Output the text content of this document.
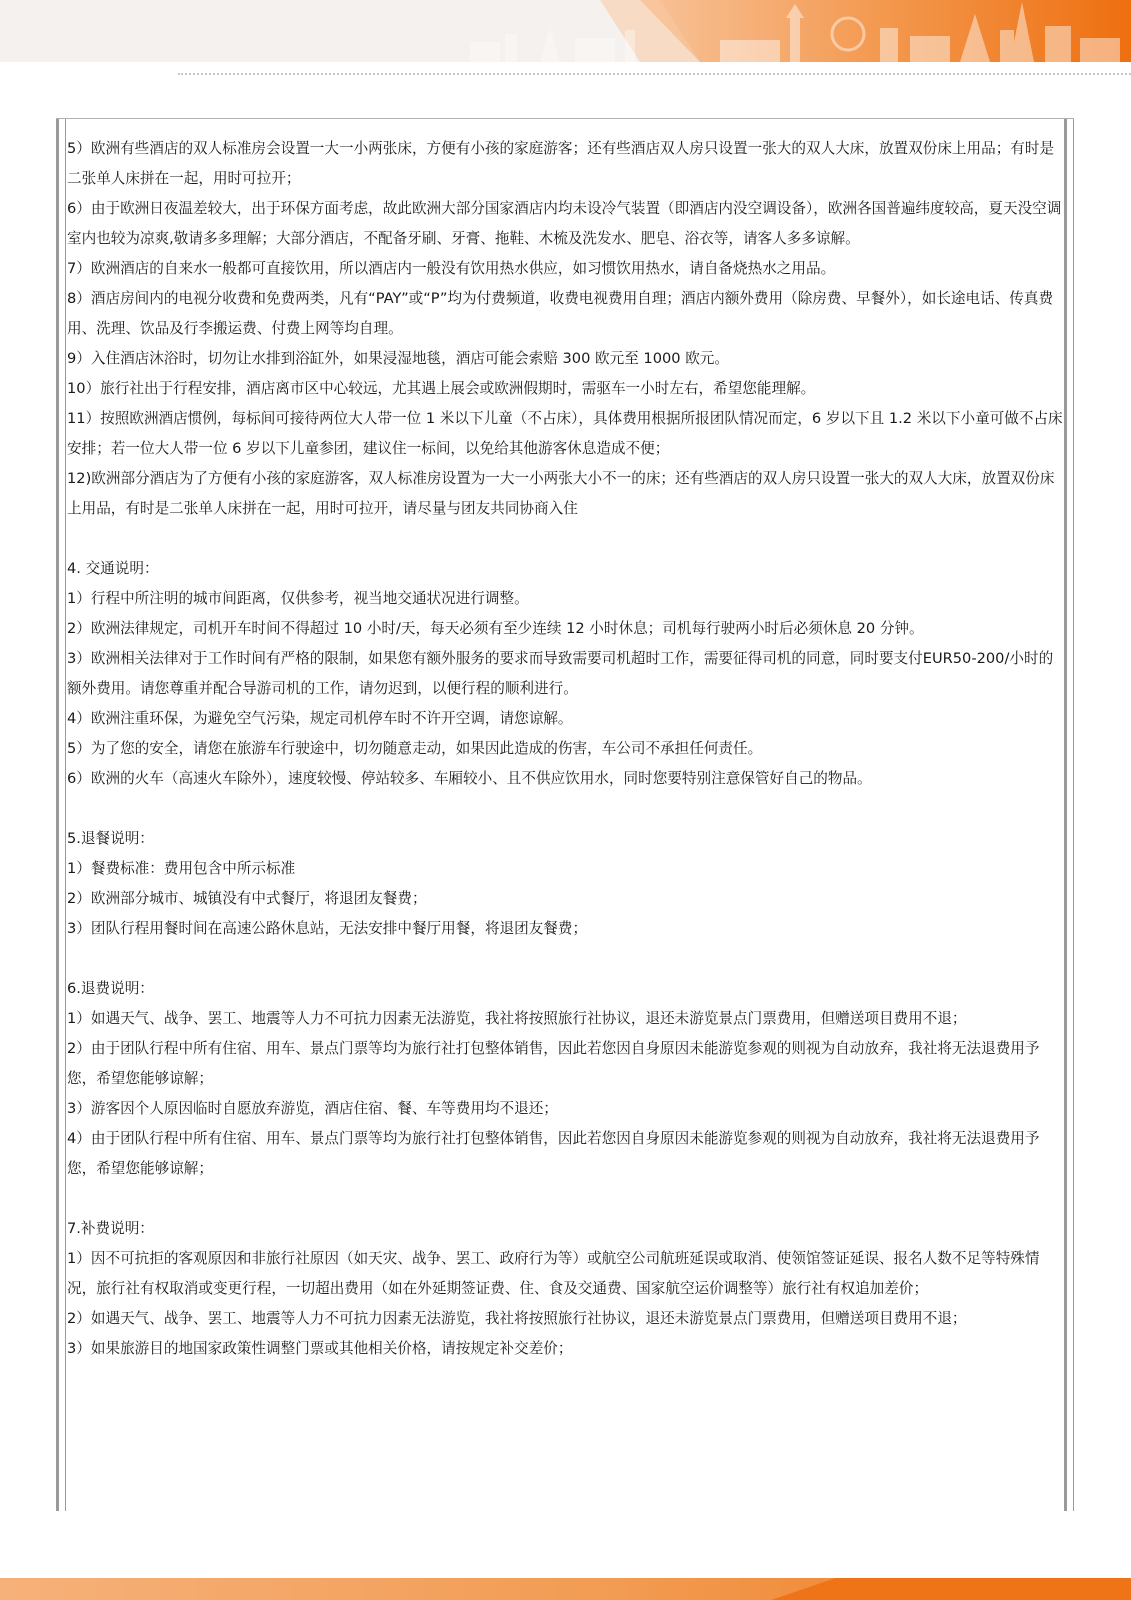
5）欧洲有些酒店的双人标准房会设置一大一小两张床，方便有小孩的家庭游客；还有些酒店双人房只设置一张大的双人大床，放置双份床上用品；有时是二张单人床拼在一起，用时可拉开；

6）由于欧洲日夜温差较大，出于环保方面考虑，故此欧洲大部分国家酒店内均未设冷气装置（即酒店内没空调设备），欧洲各国普遍纬度较高，夏天没空调室内也较为凉爽,敬请多多理解；大部分酒店，不配备牙刷、牙膏、拖鞋、木梳及洗发水、肥皂、浴衣等，请客人多多谅解。

7）欧洲酒店的自来水一般都可直接饮用，所以酒店内一般没有饮用热水供应，如习惯饮用热水，请自备烧热水之用品。

8）酒店房间内的电视分收费和免费两类，凡有“PAY”或“P”均为付费频道，收费电视费用自理；酒店内额外费用（除房费、早餐外），如长途电话、传真费用、洗理、饮品及行李搬运费、付费上网等均自理。

9）入住酒店沐浴时，切勿让水排到浴缸外，如果浸湿地毯，酒店可能会索赔 300 欧元至 1000 欧元。

10）旅行社出于行程安排，酒店离市区中心较远，尤其遇上展会或欧洲假期时，需驱车一小时左右，希望您能理解。

11）按照欧洲酒店惯例，每标间可接待两位大人带一位 1 米以下儿童（不占床），具体费用根据所报团队情况而定，6 岁以下且 1.2 米以下小童可做不占床安排；若一位大人带一位 6 岁以下儿童参团，建议住一标间，以免给其他游客休息造成不便；

12)欧洲部分酒店为了方便有小孩的家庭游客，双人标准房设置为一大一小两张大小不一的床；还有些酒店的双人房只设置一张大的双人大床，放置双份床上用品，有时是二张单人床拼在一起，用时可拉开，请尽量与团友共同协商入住

4. 交通说明：

1）行程中所注明的城市间距离，仅供参考，视当地交通状况进行调整。

2）欧洲法律规定，司机开车时间不得超过 10 小时/天，每天必须有至少连续 12 小时休息；司机每行驶两小时后必须休息 20 分钟。

3）欧洲相关法律对于工作时间有严格的限制，如果您有额外服务的要求而导致需要司机超时工作，需要征得司机的同意，同时要支付EUR50-200/小时的额外费用。请您尊重并配合导游司机的工作，请勿迟到，以便行程的顺利进行。

4）欧洲注重环保，为避免空气污染，规定司机停车时不许开空调，请您谅解。

5）为了您的安全，请您在旅游车行驶途中，切勿随意走动，如果因此造成的伤害，车公司不承担任何责任。

6）欧洲的火车（高速火车除外），速度较慢、停站较多、车厢较小、且不供应饮用水，同时您要特别注意保管好自己的物品。

5.退餐说明：

1）餐费标准：费用包含中所示标准

2）欧洲部分城市、城镇没有中式餐厅，将退团友餐费；

3）团队行程用餐时间在高速公路休息站，无法安排中餐厅用餐，将退团友餐费；

6.退费说明：

1）如遇天气、战争、罢工、地震等人力不可抗力因素无法游览，我社将按照旅行社协议，退还未游览景点门票费用，但赠送项目费用不退；

2）由于团队行程中所有住宿、用车、景点门票等均为旅行社打包整体销售，因此若您因自身原因未能游览参观的则视为自动放弃，我社将无法退费用予您，希望您能够谅解；

3）游客因个人原因临时自愿放弃游览，酒店住宿、餐、车等费用均不退还；

4）由于团队行程中所有住宿、用车、景点门票等均为旅行社打包整体销售，因此若您因自身原因未能游览参观的则视为自动放弃，我社将无法退费用予您，希望您能够谅解；

7.补费说明：

1）因不可抗拒的客观原因和非旅行社原因（如天灾、战争、罢工、政府行为等）或航空公司航班延误或取消、使领馆签证延误、报名人数不足等特殊情况，旅行社有权取消或变更行程，一切超出费用（如在外延期签证费、住、食及交通费、国家航空运价调整等）旅行社有权追加差价；

2）如遇天气、战争、罢工、地震等人力不可抗力因素无法游览，我社将按照旅行社协议，退还未游览景点门票费用，但赠送项目费用不退；

3）如果旅游目的地国家政策性调整门票或其他相关价格，请按规定补交差价；
